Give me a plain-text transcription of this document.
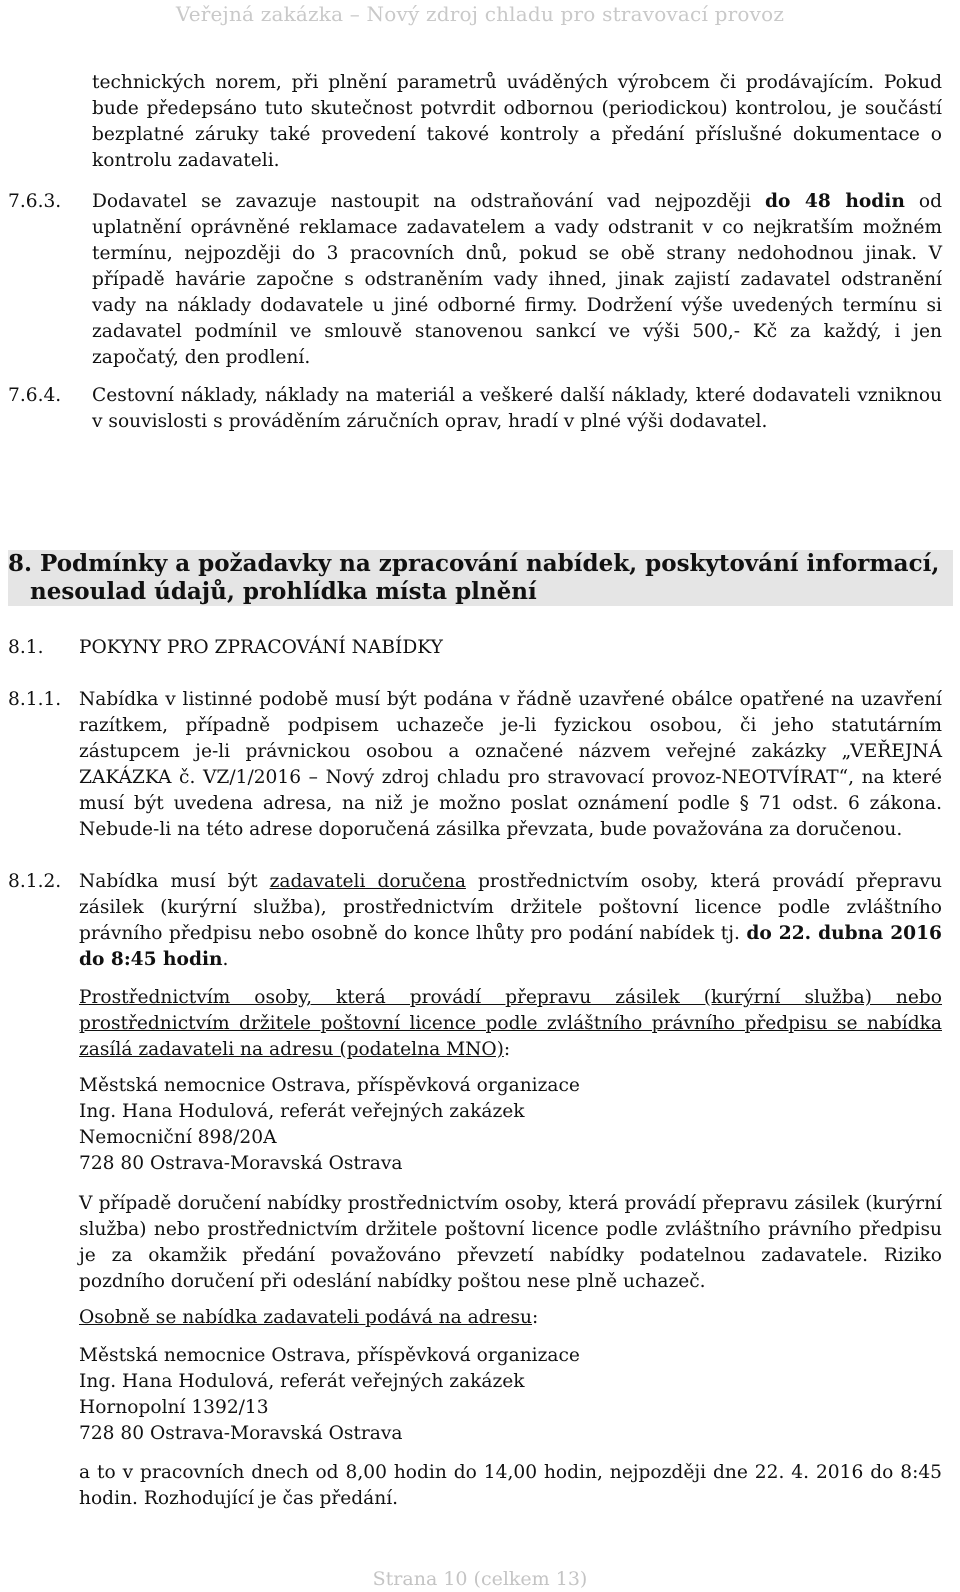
Veřejná zakázka – Nový zdroj chladu pro stravovací provoz

technických norem, při plnění parametrů uváděných výrobcem či prodávajícím. Pokud bude předepsáno tuto skutečnost potvrdit odbornou (periodickou) kontrolou, je součástí bezplatné záruky také provedení takové kontroly a předání příslušné dokumentace o kontrolu zadavateli.

7.6.3. Dodavatel se zavazuje nastoupit na odstraňování vad nejpozději do 48 hodin od uplatnění oprávněné reklamace zadavatelem a vady odstranit v co nejkratším možném termínu, nejpozději do 3 pracovních dnů, pokud se obě strany nedohodnou jinak. V případě havárie započne s odstraněním vady ihned, jinak zajistí zadavatel odstranění vady na náklady dodavatele u jiné odborné firmy. Dodržení výše uvedených termínu si zadavatel podmínil ve smlouvě stanovenou sankcí ve výši 500,- Kč za každý, i jen započatý, den prodlení.

7.6.4. Cestovní náklady, náklady na materiál a veškeré další náklady, které dodavateli vzniknou v souvislosti s prováděním záručních oprav, hradí v plné výši dodavatel.

8. Podmínky a požadavky na zpracování nabídek, poskytování informací,
nesoulad údajů, prohlídka místa plnění
8.1. POKYNY PRO ZPRACOVÁNÍ NABÍDKY
8.1.1. Nabídka v listinné podobě musí být podána v řádně uzavřené obálce opatřené na uzavření razítkem, případně podpisem uchazeče je-li fyzickou osobou, či jeho statutárním zástupcem je-li právnickou osobou a označené názvem veřejné zakázky „VEŘEJNÁ ZAKÁZKA č. VZ/1/2016 – Nový zdroj chladu pro stravovací provoz-NEOTVÍRAT“, na které musí být uvedena adresa, na niž je možno poslat oznámení podle § 71 odst. 6 zákona. Nebude-li na této adrese doporučená zásilka převzata, bude považována za doručenou.

8.1.2. Nabídka musí být zadavateli doručena prostřednictvím osoby, která provádí přepravu zásilek (kurýrní služba), prostřednictvím držitele poštovní licence podle zvláštního právního předpisu nebo osobně do konce lhůty pro podání nabídek tj. do 22. dubna 2016 do 8:45 hodin.

Prostřednictvím osoby, která provádí přepravu zásilek (kurýrní služba) nebo prostřednictvím držitele poštovní licence podle zvláštního právního předpisu se nabídka zasílá zadavateli na adresu (podatelna MNO):

Městská nemocnice Ostrava, příspěvková organizace
Ing. Hana Hodulová, referát veřejných zakázek
Nemocniční 898/20A
728 80 Ostrava-Moravská Ostrava

V případě doručení nabídky prostřednictvím osoby, která provádí přepravu zásilek (kurýrní služba) nebo prostřednictvím držitele poštovní licence podle zvláštního právního předpisu je za okamžik předání považováno převzetí nabídky podatelnou zadavatele. Riziko pozdního doručení při odeslání nabídky poštou nese plně uchazeč.

Osobně se nabídka zadavateli podává na adresu:

Městská nemocnice Ostrava, příspěvková organizace
Ing. Hana Hodulová, referát veřejných zakázek
Hornopolní 1392/13
728 80 Ostrava-Moravská Ostrava

a to v pracovních dnech od 8,00 hodin do 14,00 hodin, nejpozději dne 22. 4. 2016 do 8:45 hodin. Rozhodující je čas předání.

Strana 10 (celkem 13)
